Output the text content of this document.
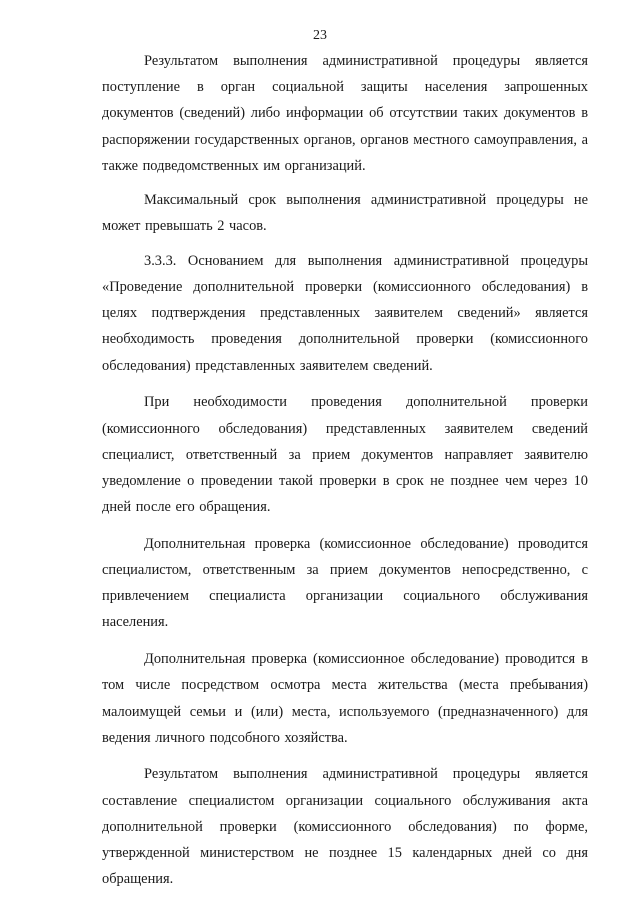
23

Результатом выполнения административной процедуры является поступление в орган социальной защиты населения запрошенных документов (сведений) либо информации об отсутствии таких документов в распоряжении государственных органов, органов местного самоуправления, а также подведомственных им организаций.

Максимальный срок выполнения административной процедуры не может превышать 2 часов.

3.3.3. Основанием для выполнения административной процедуры «Проведение дополнительной проверки (комиссионного обследования) в целях подтверждения представленных заявителем сведений» является необходимость проведения дополнительной проверки (комиссионного обследования) представленных заявителем сведений.

При необходимости проведения дополнительной проверки (комиссионного обследования) представленных заявителем сведений специалист, ответственный за прием документов направляет заявителю уведомление о проведении такой проверки в срок не позднее чем через 10 дней после его обращения.

Дополнительная проверка (комиссионное обследование) проводится специалистом, ответственным за прием документов непосредственно, с привлечением специалиста организации социального обслуживания населения.

Дополнительная проверка (комиссионное обследование) проводится в том числе посредством осмотра места жительства (места пребывания) малоимущей семьи и (или) места, используемого (предназначенного) для ведения личного подсобного хозяйства.

Результатом выполнения административной процедуры является составление специалистом организации социального обслуживания акта дополнительной проверки (комиссионного обследования) по форме, утвержденной министерством не позднее 15 календарных дней со дня обращения.
